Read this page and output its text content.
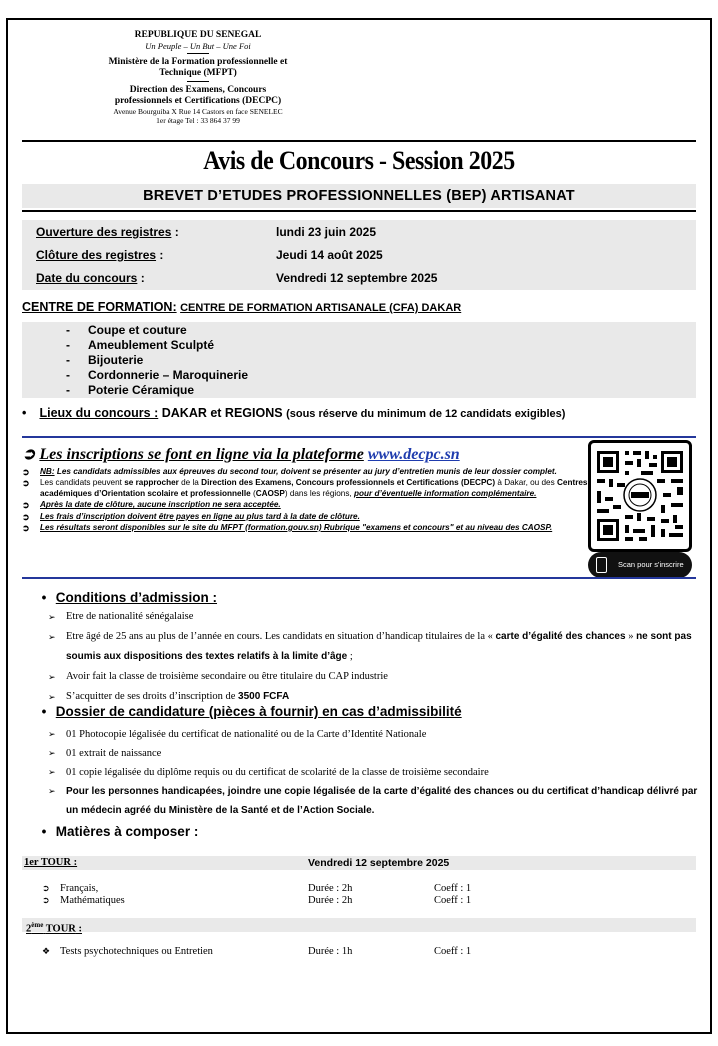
REPUBLIQUE DU SENEGAL
Un Peuple – Un But – Une Foi
Ministère de la Formation professionnelle et
Technique (MFPT)
Direction des Examens, Concours
professionnels et Certifications (DECPC)
Avenue Bourguiba X Rue 14 Castors en face SENELEC
1er étage Tel : 33 864 37 99
Avis de Concours - Session 2025
BREVET D’ETUDES PROFESSIONNELLES (BEP) ARTISANAT
Ouverture des registres :	lundi 23 juin 2025
Clôture des registres :	Jeudi 14 août 2025
Date du concours :	Vendredi 12 septembre 2025
CENTRE DE FORMATION: CENTRE DE FORMATION ARTISANALE (CFA) DAKAR
- Coupe et couture
- Ameublement Sculpté
- Bijouterie
- Cordonnerie – Maroquinerie
- Poterie Céramique
• Lieux du concours : DAKAR et REGIONS (sous réserve du minimum de 12 candidats exigibles)
➲ Les inscriptions se font en ligne via la plateforme www.decpc.sn
➲ NB: Les candidats admissibles aux épreuves du second tour, doivent se présenter au jury d’entretien munis de leur dossier complet.
➲ Les candidats peuvent se rapprocher de la Direction des Examens, Concours professionnels et Certifications (DECPC) à Dakar, ou des Centres académiques d’Orientation scolaire et professionnelle (CAOSP) dans les régions, pour d’éventuelle information complémentaire.
➲ Après la date de clôture, aucune inscription ne sera acceptée.
➲ Les frais d’inscription doivent être payes en ligne au plus tard à la date de clôture.
➲ Les résultats seront disponibles sur le site du MFPT (formation.gouv.sn) Rubrique "examens et concours" et au niveau des CAOSP.
Scan pour s'inscrire
• Conditions d’admission :
➢ Etre de nationalité sénégalaise
➢ Etre âgé de 25 ans au plus de l’année en cours. Les candidats en situation d’handicap titulaires de la « carte d’égalité des chances » ne sont pas soumis aux dispositions des textes relatifs à la limite d’âge ;
➢ Avoir fait la classe de troisième secondaire ou être titulaire du CAP industrie
➢ S’acquitter de ses droits d’inscription de 3500 FCFA
• Dossier de candidature (pièces à fournir) en cas d’admissibilité
➢ 01 Photocopie légalisée du certificat de nationalité ou de la Carte d’Identité Nationale
➢ 01 extrait de naissance
➢ 01 copie légalisée du diplôme requis ou du certificat de scolarité de la classe de troisième secondaire
➢ Pour les personnes handicapées, joindre une copie légalisée de la carte d’égalité des chances ou du certificat d’handicap délivré par un médecin agréé du Ministère de la Santé et de l’Action Sociale.
• Matières à composer :
1er TOUR :	Vendredi 12 septembre 2025
➲ Français,	Durée : 2h	Coeff : 1
➲ Mathématiques	Durée : 2h	Coeff : 1
2ème TOUR :
❖ Tests psychotechniques ou Entretien	Durée : 1h	Coeff : 1
